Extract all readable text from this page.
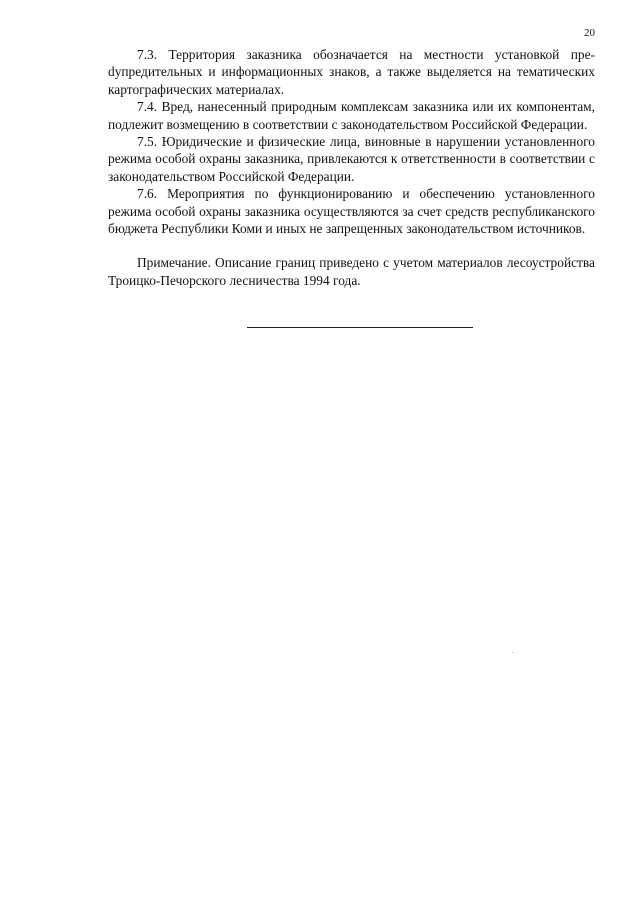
20

7.3. Территория заказника обозначается на местности установкой преdупредительных и информационных знаков, а также выделяется на тематических картографических материалах.

7.4. Вред, нанесенный природным комплексам заказника или их компонентам, подлежит возмещению в соответствии с законодательством Российской Федерации.

7.5. Юридические и физические лица, виновные в нарушении установленного режима особой охраны заказника, привлекаются к ответственности в соответствии с законодательством Российской Федерации.

7.6. Мероприятия по функционированию и обеспечению установленного режима особой охраны заказника осуществляются за счет средств республиканского бюджета Республики Коми и иных не запрещенных законодательством источников.

Примечание. Описание границ приведено с учетом материалов лесоустройства Троицко-Печорского лесничества 1994 года.
